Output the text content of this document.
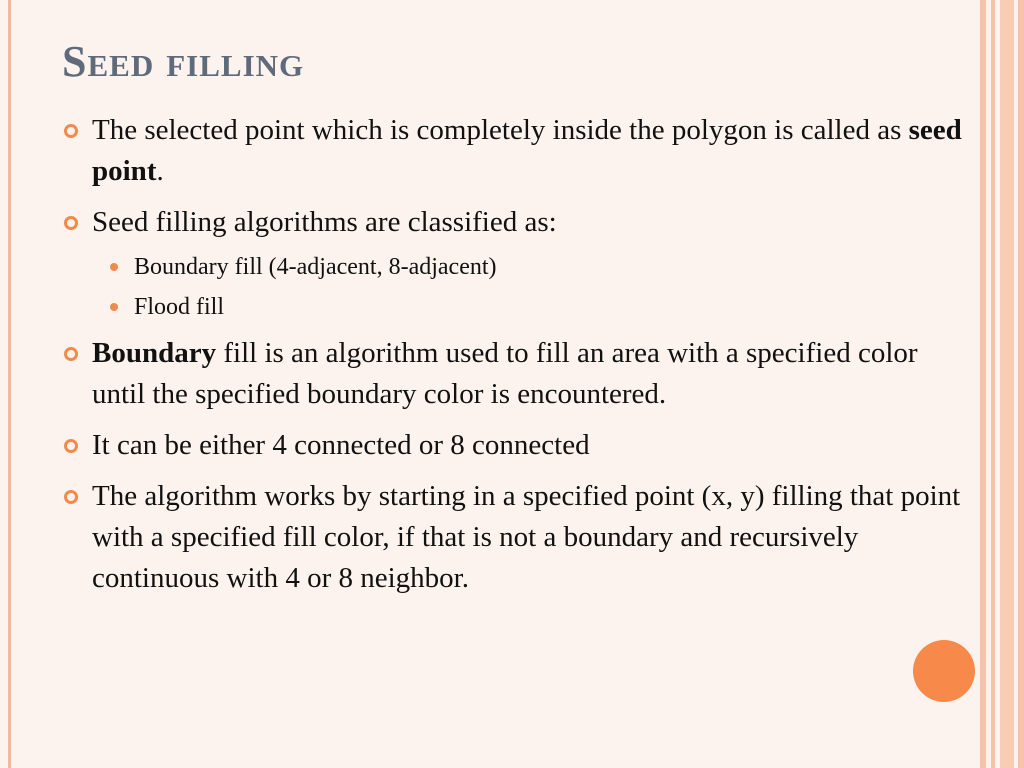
Seed filling
The selected point which is completely inside the polygon is called as seed point.
Seed filling algorithms are classified as:
Boundary fill (4-adjacent, 8-adjacent)
Flood fill
Boundary fill is an algorithm used to fill an area with a specified color until the specified boundary color is encountered.
It can be either 4 connected or 8 connected
The algorithm works by starting in a specified point (x, y) filling that point with a specified fill color, if that is not a boundary and recursively continuous with 4 or 8 neighbor.
